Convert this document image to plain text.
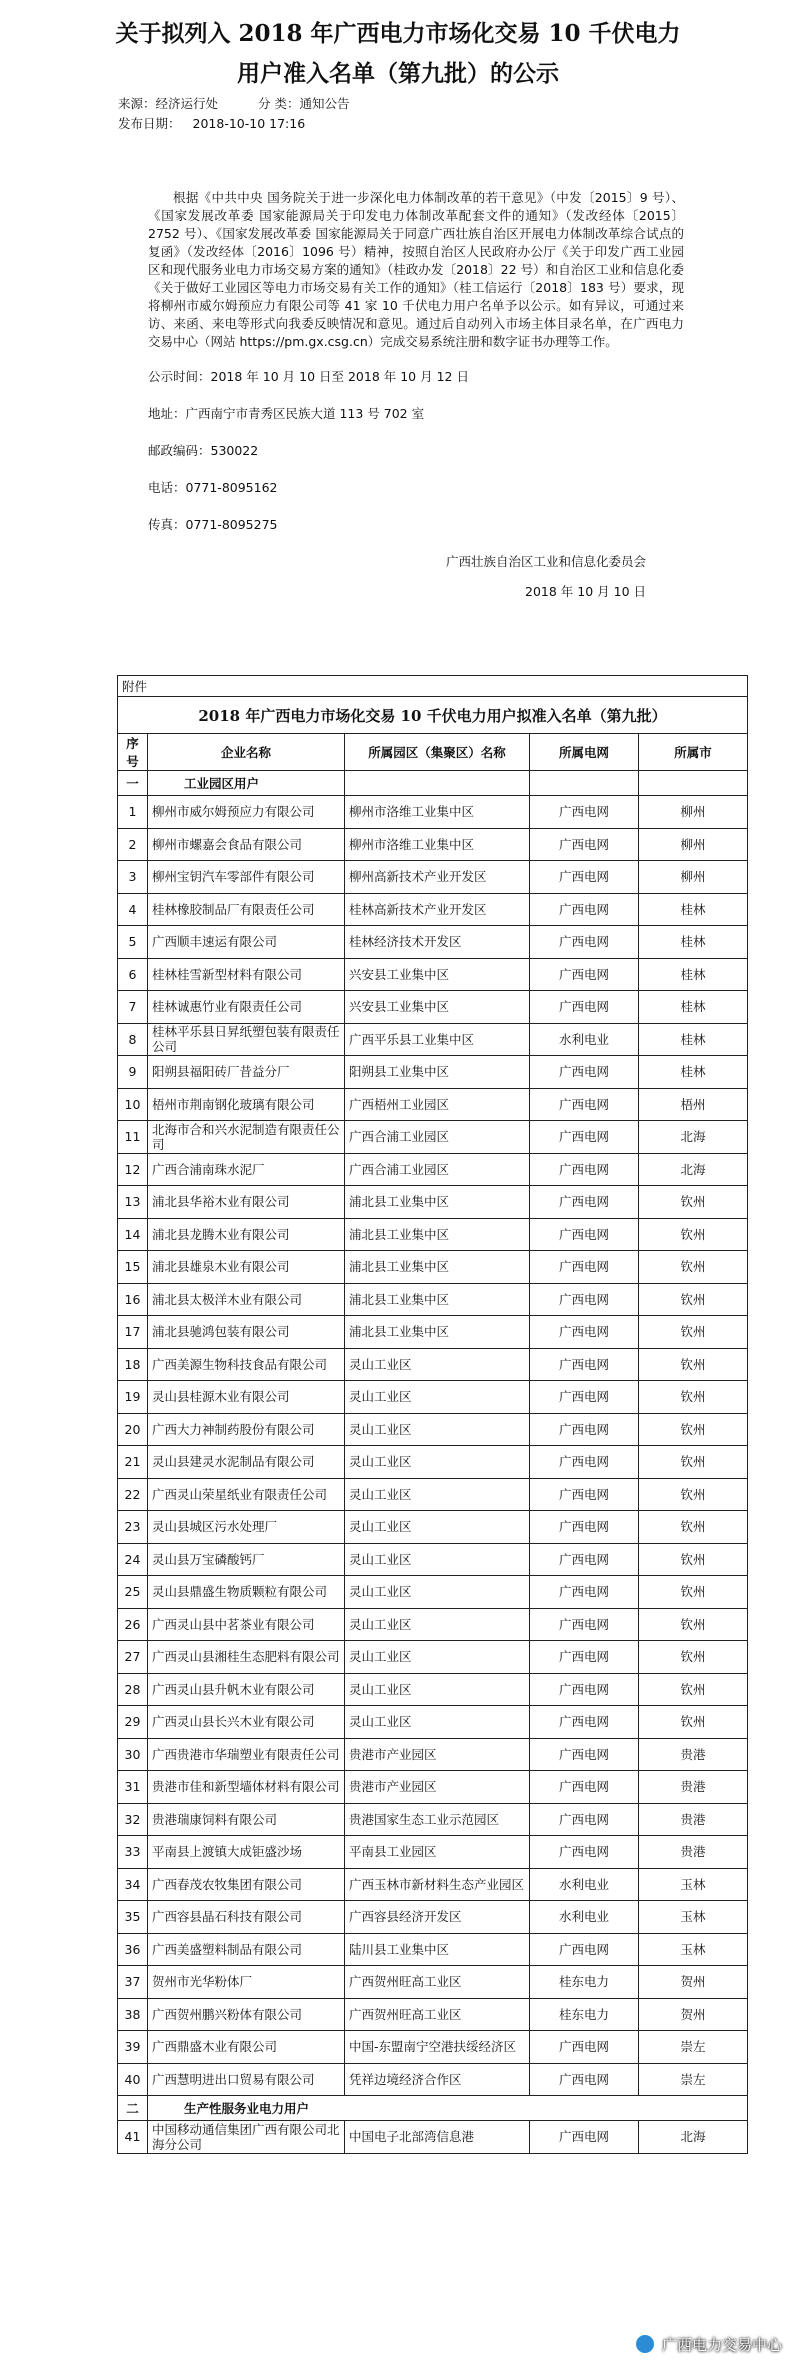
关于拟列入 2018 年广西电力市场化交易 10 千伏电力
用户准入名单（第九批）的公示
来源：经济运行处	分 类：通知公告
发布日期： 2018-10-10 17:16
根据《中共中央 国务院关于进一步深化电力体制改革的若干意见》（中发〔2015〕9 号）、《国家发展改革委 国家能源局关于印发电力体制改革配套文件的通知》（发改经体〔2015〕2752 号）、《国家发展改革委 国家能源局关于同意广西壮族自治区开展电力体制改革综合试点的复函》（发改经体〔2016〕1096 号）精神，按照自治区人民政府办公厅《关于印发广西工业园区和现代服务业电力市场交易方案的通知》（桂政办发〔2018〕22 号）和自治区工业和信息化委《关于做好工业园区等电力市场交易有关工作的通知》（桂工信运行〔2018〕183 号）要求，现将柳州市威尔姆预应力有限公司等 41 家 10 千伏电力用户名单予以公示。如有异议，可通过来访、来函、来电等形式向我委反映情况和意见。通过后自动列入市场主体目录名单，在广西电力交易中心（网站 https://pm.gx.csg.cn）完成交易系统注册和数字证书办理等工作。
公示时间：2018 年 10 月 10 日至 2018 年 10 月 12 日
地址：广西南宁市青秀区民族大道 113 号 702 室
邮政编码：530022
电话：0771-8095162
传真：0771-8095275
广西壮族自治区工业和信息化委员会
2018 年 10 月 10 日
附件				
2018 年广西电力市场化交易 10 千伏电力用户拟准入名单（第九批）				
序号	企业名称	所属园区（集聚区）名称	所属电网	所属市
一	工业园区用户			
1	柳州市威尔姆预应力有限公司	柳州市洛维工业集中区	广西电网	柳州
2	柳州市螺嘉会食品有限公司	柳州市洛维工业集中区	广西电网	柳州
3	柳州宝钥汽车零部件有限公司	柳州高新技术产业开发区	广西电网	柳州
4	桂林橡胶制品厂有限责任公司	桂林高新技术产业开发区	广西电网	桂林
5	广西顺丰速运有限公司	桂林经济技术开发区	广西电网	桂林
6	桂林桂雪新型材料有限公司	兴安县工业集中区	广西电网	桂林
7	桂林诚惠竹业有限责任公司	兴安县工业集中区	广西电网	桂林
8	桂林平乐县日昇纸塑包装有限责任公司	广西平乐县工业集中区	水利电业	桂林
9	阳朔县福阳砖厂昔益分厂	阳朔县工业集中区	广西电网	桂林
10	梧州市荆南钢化玻璃有限公司	广西梧州工业园区	广西电网	梧州
11	北海市合和兴水泥制造有限责任公司	广西合浦工业园区	广西电网	北海
12	广西合浦南珠水泥厂	广西合浦工业园区	广西电网	北海
13	浦北县华裕木业有限公司	浦北县工业集中区	广西电网	钦州
14	浦北县龙腾木业有限公司	浦北县工业集中区	广西电网	钦州
15	浦北县雄泉木业有限公司	浦北县工业集中区	广西电网	钦州
16	浦北县太极洋木业有限公司	浦北县工业集中区	广西电网	钦州
17	浦北县驰鸿包装有限公司	浦北县工业集中区	广西电网	钦州
18	广西美源生物科技食品有限公司	灵山工业区	广西电网	钦州
19	灵山县桂源木业有限公司	灵山工业区	广西电网	钦州
20	广西大力神制药股份有限公司	灵山工业区	广西电网	钦州
21	灵山县建灵水泥制品有限公司	灵山工业区	广西电网	钦州
22	广西灵山荣星纸业有限责任公司	灵山工业区	广西电网	钦州
23	灵山县城区污水处理厂	灵山工业区	广西电网	钦州
24	灵山县万宝磷酸钙厂	灵山工业区	广西电网	钦州
25	灵山县鼎盛生物质颗粒有限公司	灵山工业区	广西电网	钦州
26	广西灵山县中茗茶业有限公司	灵山工业区	广西电网	钦州
27	广西灵山县湘桂生态肥料有限公司	灵山工业区	广西电网	钦州
28	广西灵山县升帆木业有限公司	灵山工业区	广西电网	钦州
29	广西灵山县长兴木业有限公司	灵山工业区	广西电网	钦州
30	广西贵港市华瑞塑业有限责任公司	贵港市产业园区	广西电网	贵港
31	贵港市佳和新型墙体材料有限公司	贵港市产业园区	广西电网	贵港
32	贵港瑞康饲料有限公司	贵港国家生态工业示范园区	广西电网	贵港
33	平南县上渡镇大成钜盛沙场	平南县工业园区	广西电网	贵港
34	广西春茂农牧集团有限公司	广西玉林市新材料生态产业园区	水利电业	玉林
35	广西容县晶石科技有限公司	广西容县经济开发区	水利电业	玉林
36	广西美盛塑料制品有限公司	陆川县工业集中区	广西电网	玉林
37	贺州市光华粉体厂	广西贺州旺高工业区	桂东电力	贺州
38	广西贺州鹏兴粉体有限公司	广西贺州旺高工业区	桂东电力	贺州
39	广西鼎盛木业有限公司	中国-东盟南宁空港扶绥经济区	广西电网	崇左
40	广西慧明进出口贸易有限公司	凭祥边境经济合作区	广西电网	崇左
二	生产性服务业电力用户			
41	中国移动通信集团广西有限公司北海分公司	中国电子北部湾信息港	广西电网	北海
广西电力交易中心
